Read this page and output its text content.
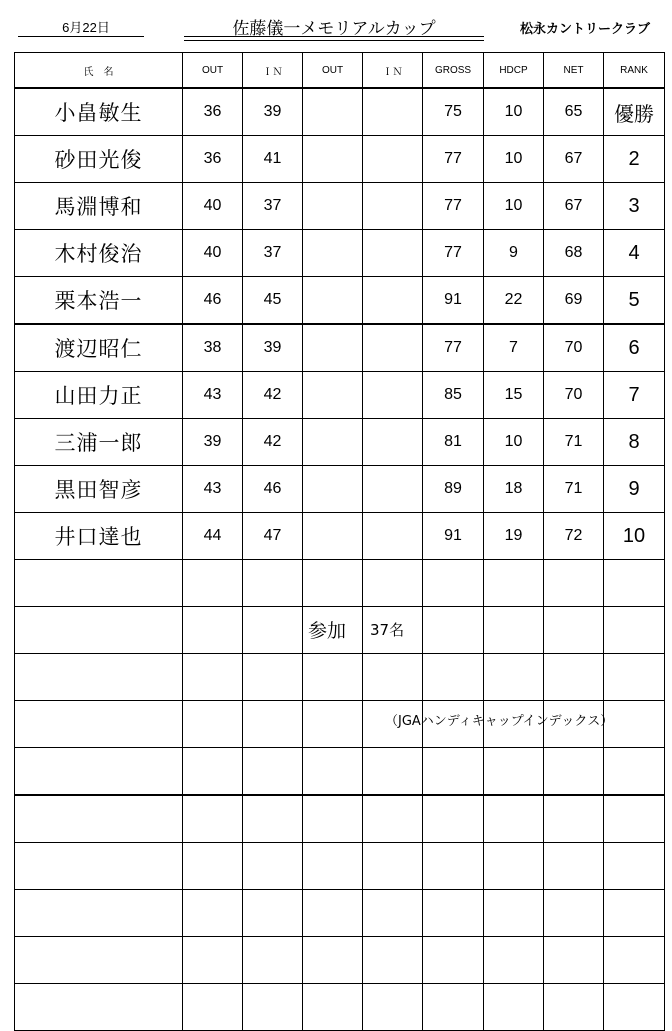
6月22日	佐藤儀一メモリアルカップ	松永カントリークラブ
氏　名	OUT	ＩＮ	OUT	ＩＮ	GROSS	HDCP	NET	RANK
小畠敏生	36	39			75	10	65	優勝
砂田光俊	36	41			77	10	67	2
馬淵博和	40	37			77	10	67	3
木村俊治	40	37			77	9	68	4
栗本浩一	46	45			91	22	69	5
渡辺昭仁	38	39			77	7	70	6
山田力正	43	42			85	15	70	7
三浦一郎	39	42			81	10	71	8
黒田智彦	43	46			89	18	71	9
井口達也	44	47			91	19	72	10

参加 37名
（JGAハンディキャップインデックス）
